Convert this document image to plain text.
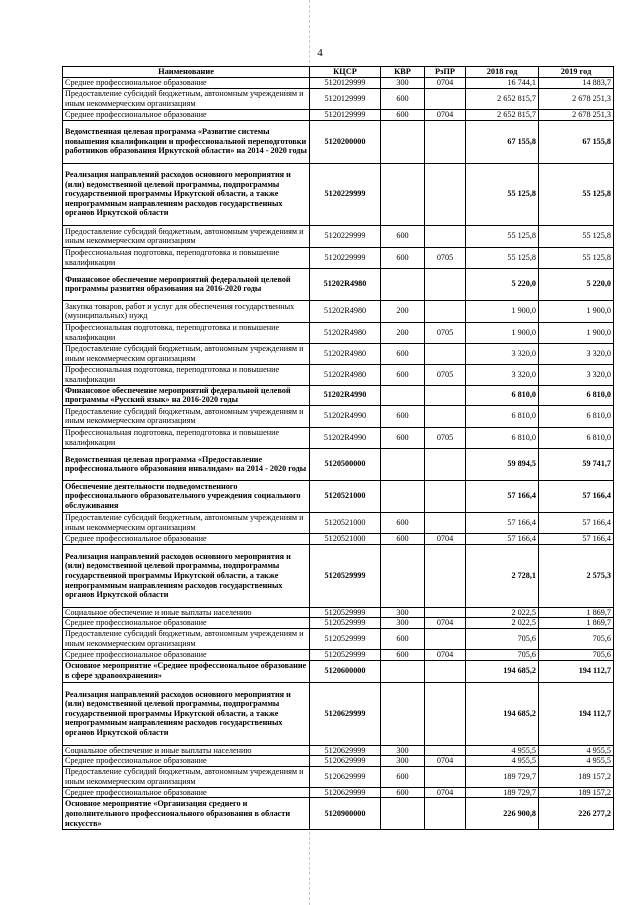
4
Наименование	КЦСР	КВР	РзПР	2018 год	2019 год
Среднее профессиональное образование	5120129999	300	0704	16 744,1	14 883,7
Предоставление субсидий бюджетным, автономным учреждениям и иным некоммерческим организациям	5120129999	600		2 652 815,7	2 678 251,3
Среднее профессиональное образование	5120129999	600	0704	2 652 815,7	2 678 251,3
Ведомственная целевая программа «Развитие системы повышения квалификации и профессиональной переподготовки работников образования Иркутской области» на 2014 - 2020 годы	5120200000			67 155,8	67 155,8
Реализация направлений расходов основного мероприятия и (или) ведомственной целевой программы, подпрограммы государственной программы Иркутской области, а также непрограммным направлениям расходов государственных органов Иркутской области	5120229999			55 125,8	55 125,8
Предоставление субсидий бюджетным, автономным учреждениям и иным некоммерческим организациям	5120229999	600		55 125,8	55 125,8
Профессиональная подготовка, переподготовка и повышение квалификации	5120229999	600	0705	55 125,8	55 125,8
Финансовое обеспечение мероприятий федеральной целевой программы развития образования на 2016-2020 годы	51202R4980			5 220,0	5 220,0
Закупка товаров, работ и услуг для обеспечения государственных (муниципальных) нужд	51202R4980	200		1 900,0	1 900,0
Профессиональная подготовка, переподготовка и повышение квалификации	51202R4980	200	0705	1 900,0	1 900,0
Предоставление субсидий бюджетным, автономным учреждениям и иным некоммерческим организациям	51202R4980	600		3 320,0	3 320,0
Профессиональная подготовка, переподготовка и повышение квалификации	51202R4980	600	0705	3 320,0	3 320,0
Финансовое обеспечение мероприятий федеральной целевой программы «Русский язык» на 2016-2020 годы	51202R4990			6 810,0	6 810,0
Предоставление субсидий бюджетным, автономным учреждениям и иным некоммерческим организациям	51202R4990	600		6 810,0	6 810,0
Профессиональная подготовка, переподготовка и повышение квалификации	51202R4990	600	0705	6 810,0	6 810,0
Ведомственная целевая программа «Предоставление профессионального образования инвалидам» на 2014 - 2020 годы	5120500000			59 894,5	59 741,7
Обеспечение деятельности подведомственного профессионального образовательного учреждения социального обслуживания	5120521000			57 166,4	57 166,4
Предоставление субсидий бюджетным, автономным учреждениям и иным некоммерческим организациям	5120521000	600		57 166,4	57 166,4
Среднее профессиональное образование	5120521000	600	0704	57 166,4	57 166,4
Реализация направлений расходов основного мероприятия и (или) ведомственной целевой программы, подпрограммы государственной программы Иркутской области, а также непрограммным направлениям расходов государственных органов Иркутской области	5120529999			2 728,1	2 575,3
Социальное обеспечение и иные выплаты населению	5120529999	300		2 022,5	1 869,7
Среднее профессиональное образование	5120529999	300	0704	2 022,5	1 869,7
Предоставление субсидий бюджетным, автономным учреждениям и иным некоммерческим организациям	5120529999	600		705,6	705,6
Среднее профессиональное образование	5120529999	600	0704	705,6	705,6
Основное мероприятие «Среднее профессиональное образование в сфере здравоохранения»	5120600000			194 685,2	194 112,7
Реализация направлений расходов основного мероприятия и (или) ведомственной целевой программы, подпрограммы государственной программы Иркутской области, а также непрограммным направлениям расходов государственных органов Иркутской области	5120629999			194 685,2	194 112,7
Социальное обеспечение и иные выплаты населению	5120629999	300		4 955,5	4 955,5
Среднее профессиональное образование	5120629999	300	0704	4 955,5	4 955,5
Предоставление субсидий бюджетным, автономным учреждениям и иным некоммерческим организациям	5120629999	600		189 729,7	189 157,2
Среднее профессиональное образование	5120629999	600	0704	189 729,7	189 157,2
Основное мероприятие «Организация среднего и дополнительного профессионального образования в области искусств»	5120900000			226 900,8	226 277,2
